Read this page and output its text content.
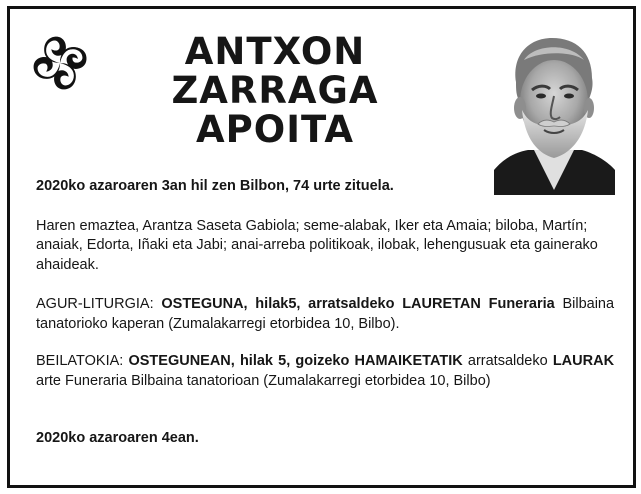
ANTXON ZARRAGA
APOITA

2020ko azaroaren 3an hil zen Bilbon, 74 urte zituela.

Haren emaztea, Arantza Saseta Gabiola; seme-alabak, Iker eta Amaia; biloba, Martín; anaiak, Edorta, Iñaki eta Jabi; anai-arreba politikoak, ilobak, lehengusuak eta gainerako ahaideak.

AGUR-LITURGIA: OSTEGUNA, hilak5, arratsaldeko LAURETAN Funeraria Bilbaina tanatorioko kaperan (Zumalakarregi etorbidea 10, Bilbo).

BEILATOKIA: OSTEGUNEAN, hilak 5, goizeko HAMAIKETATIK arratsaldeko LAURAK arte Funeraria Bilbaina tanatorioan (Zumalakarregi etorbidea 10, Bilbo)

2020ko azaroaren 4ean.
